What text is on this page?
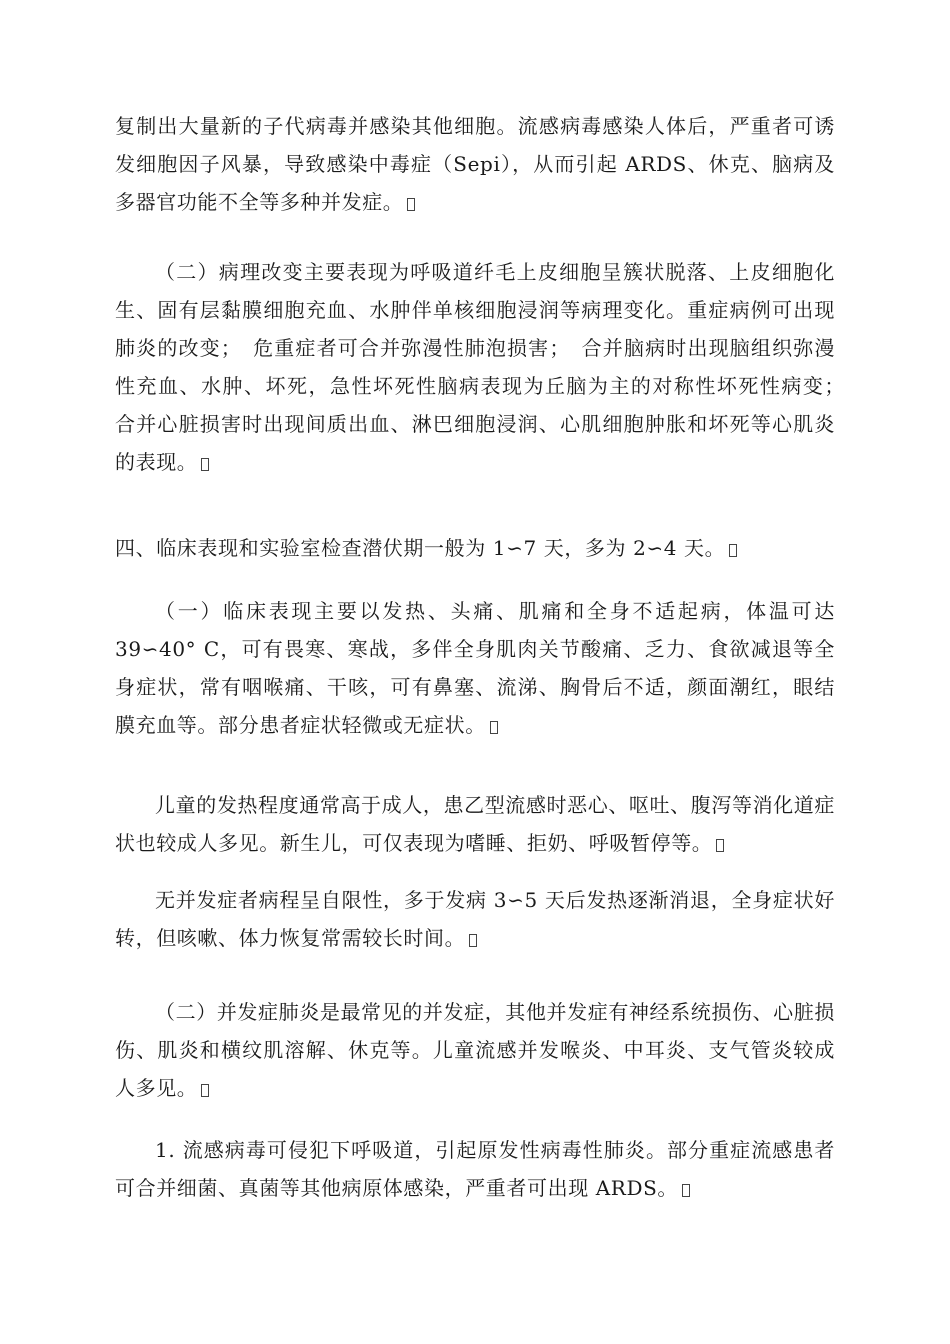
复制出大量新的子代病毒并感染其他细胞。流感病毒感染人体后，严重者可诱发细胞因子风暴，导致感染中毒症（Sepi），从而引起 ARDS、休克、脑病及多器官功能不全等多种并发症。

（二）病理改变主要表现为呼吸道纤毛上皮细胞呈簇状脱落、上皮细胞化生、固有层黏膜细胞充血、水肿伴单核细胞浸润等病理变化。重症病例可出现肺炎的改变；　危重症者可合并弥漫性肺泡损害；　合并脑病时出现脑组织弥漫性充血、水肿、坏死，急性坏死性脑病表现为丘脑为主的对称性坏死性病变；　合并心脏损害时出现间质出血、淋巴细胞浸润、心肌细胞肿胀和坏死等心肌炎的表现。

四、临床表现和实验室检查潜伏期一般为 1∽7 天，多为 2∽4 天。

（一）临床表现主要以发热、头痛、肌痛和全身不适起病，体温可达 39∽40° C，可有畏寒、寒战，多伴全身肌肉关节酸痛、乏力、食欲减退等全身症状，常有咽喉痛、干咳，可有鼻塞、流涕、胸骨后不适，颜面潮红，眼结膜充血等。部分患者症状轻微或无症状。

儿童的发热程度通常高于成人，患乙型流感时恶心、呕吐、腹泻等消化道症状也较成人多见。新生儿，可仅表现为嗜睡、拒奶、呼吸暂停等。

无并发症者病程呈自限性，多于发病 3∽5 天后发热逐渐消退，全身症状好转，但咳嗽、体力恢复常需较长时间。

（二）并发症肺炎是最常见的并发症，其他并发症有神经系统损伤、心脏损伤、肌炎和横纹肌溶解、休克等。儿童流感并发喉炎、中耳炎、支气管炎较成人多见。

1. 流感病毒可侵犯下呼吸道，引起原发性病毒性肺炎。部分重症流感患者可合并细菌、真菌等其他病原体感染，严重者可出现 ARDS。
